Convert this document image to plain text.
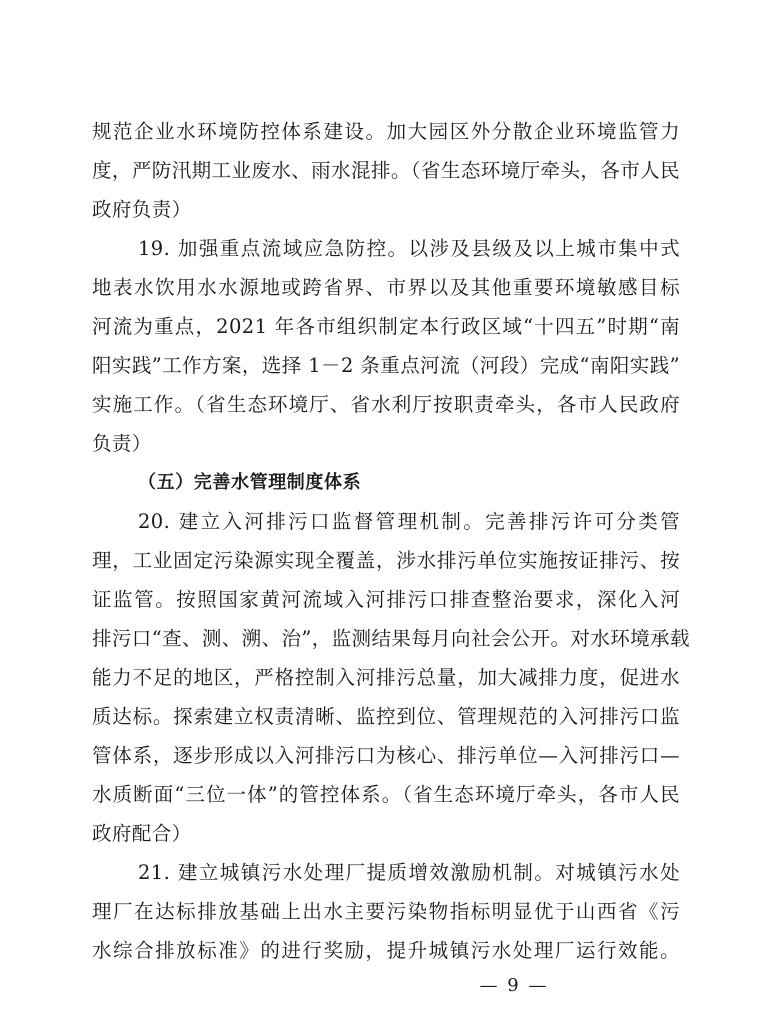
规范企业水环境防控体系建设。加大园区外分散企业环境监管力
度，严防汛期工业废水、雨水混排。（省生态环境厅牵头，各市人民
政府负责）
19. 加强重点流域应急防控。以涉及县级及以上城市集中式
地表水饮用水水源地或跨省界、市界以及其他重要环境敏感目标
河流为重点，2021 年各市组织制定本行政区域“十四五”时期“南
阳实践”工作方案，选择 1－2 条重点河流（河段）完成“南阳实践”
实施工作。（省生态环境厅、省水利厅按职责牵头，各市人民政府
负责）
（五）完善水管理制度体系
20. 建立入河排污口监督管理机制。完善排污许可分类管
理，工业固定污染源实现全覆盖，涉水排污单位实施按证排污、按
证监管。按照国家黄河流域入河排污口排查整治要求，深化入河
排污口“查、测、溯、治”，监测结果每月向社会公开。对水环境承载
能力不足的地区，严格控制入河排污总量，加大减排力度，促进水
质达标。探索建立权责清晰、监控到位、管理规范的入河排污口监
管体系，逐步形成以入河排污口为核心、排污单位—入河排污口—
水质断面“三位一体”的管控体系。（省生态环境厅牵头，各市人民
政府配合）
21. 建立城镇污水处理厂提质增效激励机制。对城镇污水处
理厂在达标排放基础上出水主要污染物指标明显优于山西省《污
水综合排放标准》的进行奖励，提升城镇污水处理厂运行效能。
— 9 —
